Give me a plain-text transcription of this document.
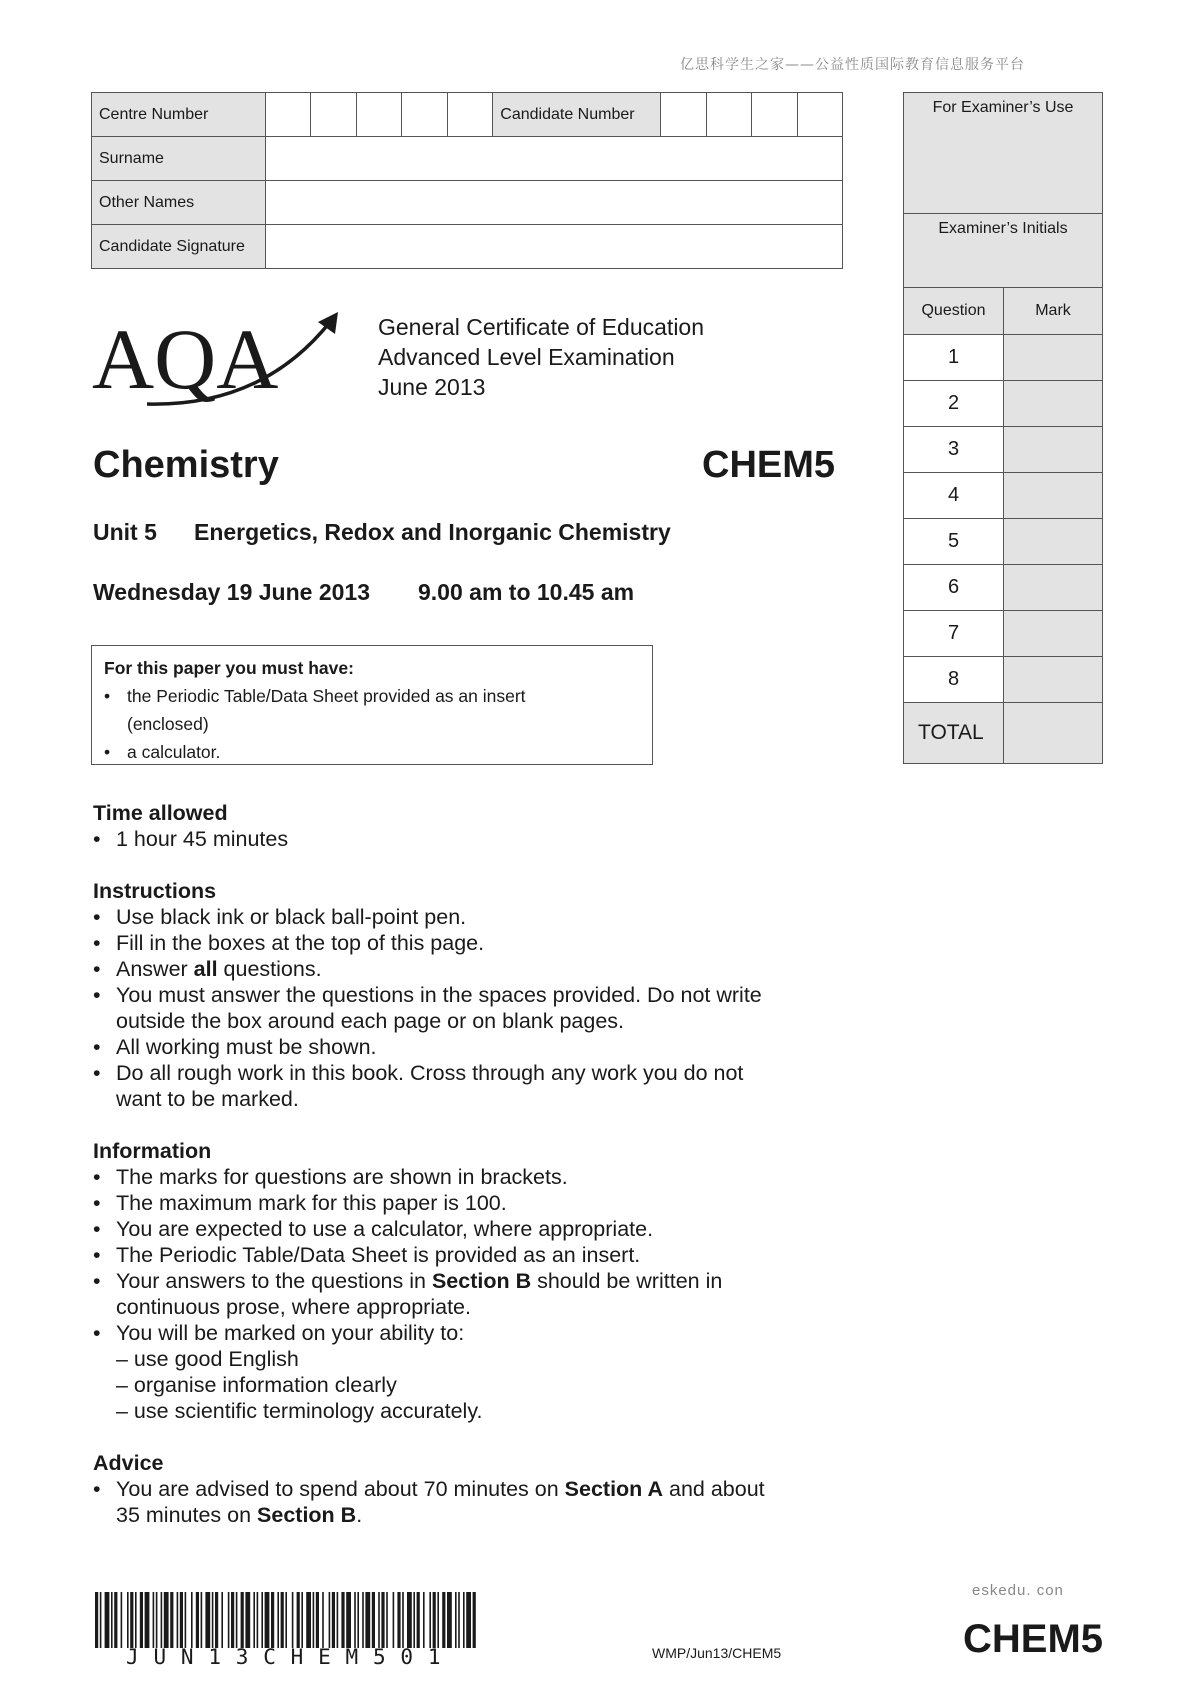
亿思科学生之家——公益性质国际教育信息服务平台
Centre Number						Candidate Number				
Surname										
Other Names										
Candidate Signature										
For Examiner’s Use	
Examiner’s Initials	
Question	Mark
1	
2	
3	
4	
5	
6	
7	
8	
TOTAL	
AQA	General Certificate of Education
Advanced Level Examination
June 2013
Chemistry	CHEM5
Unit 5 Energetics, Redox and Inorganic Chemistry
Wednesday 19 June 2013 9.00 am to 10.45 am
For this paper you must have:
• the Periodic Table/Data Sheet provided as an insert
(enclosed)
• a calculator.
Time allowed
• 1 hour 45 minutes
Instructions
• Use black ink or black ball-point pen.
• Fill in the boxes at the top of this page.
• Answer all questions.
• You must answer the questions in the spaces provided. Do not write
outside the box around each page or on blank pages.
• All working must be shown.
• Do all rough work in this book. Cross through any work you do not
want to be marked.
Information
• The marks for questions are shown in brackets.
• The maximum mark for this paper is 100.
• You are expected to use a calculator, where appropriate.
• The Periodic Table/Data Sheet is provided as an insert.
• Your answers to the questions in Section B should be written in
continuous prose, where appropriate.
• You will be marked on your ability to:
– use good English
– organise information clearly
– use scientific terminology accurately.
Advice
• You are advised to spend about 70 minutes on Section A and about
35 minutes on Section B.
JUN13CHEM501	WMP/Jun13/CHEM5
eskedu. con
CHEM5
